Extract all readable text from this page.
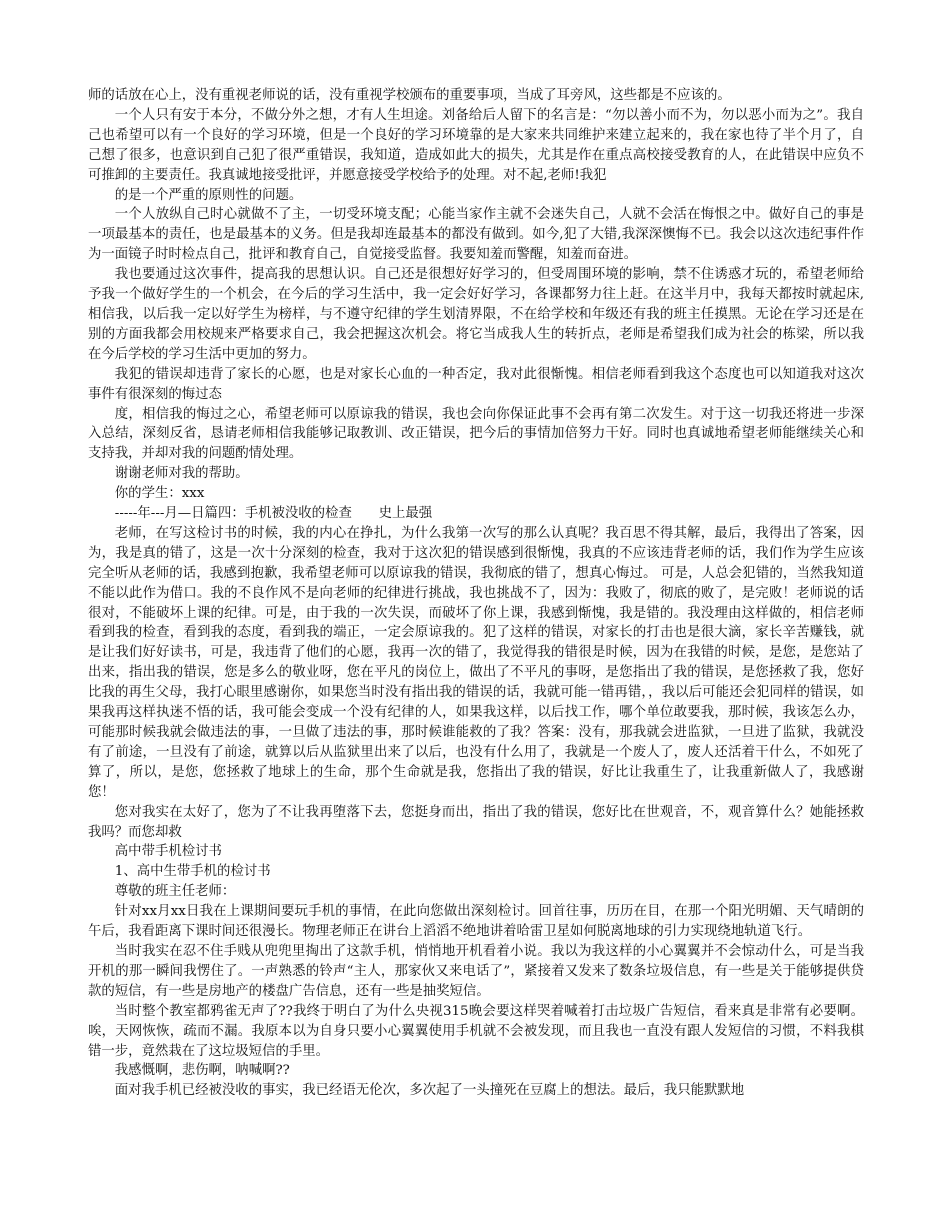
师的话放在心上，没有重视老师说的话，没有重视学校颁布的重要事项，当成了耳旁风，这些都是不应该的。

一个人只有安于本分，不做分外之想，才有人生坦途。刘备给后人留下的名言是：“勿以善小而不为，勿以恶小而为之”。我自己也希望可以有一个良好的学习环境，但是一个良好的学习环境靠的是大家来共同维护来建立起来的，我在家也待了半个月了，自己想了很多，也意识到自己犯了很严重错误，我知道，造成如此大的损失，尤其是作在重点高校接受教育的人，在此错误中应负不可推卸的主要责任。我真诚地接受批评，并愿意接受学校给予的处理。对不起,老师!我犯

的是一个严重的原则性的问题。

一个人放纵自己时心就做不了主，一切受环境支配；心能当家作主就不会迷失自己，人就不会活在悔恨之中。做好自己的事是一项最基本的责任，也是最基本的义务。但是我却连最基本的都没有做到。如今,犯了大错,我深深懊悔不已。我会以这次违纪事件作为一面镜子时时检点自己，批评和教育自己，自觉接受监督。我要知羞而警醒，知羞而奋进。

我也要通过这次事件，提高我的思想认识。自己还是很想好好学习的，但受周围环境的影响，禁不住诱惑才玩的，希望老师给予我一个做好学生的一个机会，在今后的学习生活中，我一定会好好学习，各课都努力往上赶。在这半月中，我每天都按时就起床,相信我，以后我一定以好学生为榜样，与不遵守纪律的学生划清界限，不在给学校和年级还有我的班主任摸黑。无论在学习还是在别的方面我都会用校规来严格要求自己，我会把握这次机会。将它当成我人生的转折点，老师是希望我们成为社会的栋梁，所以我在今后学校的学习生活中更加的努力。

我犯的错误却违背了家长的心愿，也是对家长心血的一种否定，我对此很惭愧。相信老师看到我这个态度也可以知道我对这次事件有很深刻的悔过态

度，相信我的悔过之心，希望老师可以原谅我的错误，我也会向你保证此事不会再有第二次发生。对于这一切我还将进一步深入总结，深刻反省，恳请老师相信我能够记取教训、改正错误，把今后的事情加倍努力干好。同时也真诚地希望老师能继续关心和支持我，并却对我的问题酌情处理。

谢谢老师对我的帮助。

你的学生：xxx

-----年---月—日篇四：手机被没收的检查　　史上最强

老师，在写这检讨书的时候，我的内心在挣扎，为什么我第一次写的那么认真呢？我百思不得其解，最后，我得出了答案，因为，我是真的错了，这是一次十分深刻的检查，我对于这次犯的错误感到很惭愧，我真的不应该违背老师的话，我们作为学生应该完全听从老师的话，我感到抱歉，我希望老师可以原谅我的错误，我彻底的错了，想真心悔过。 可是，人总会犯错的，当然我知道不能以此作为借口。我的不良作风不是向老师的纪律进行挑战，我也挑战不了，因为：我败了，彻底的败了，是完败！老师说的话很对，不能破坏上课的纪律。可是，由于我的一次失误，而破坏了你上课，我感到惭愧，我是错的。我没理由这样做的，相信老师看到我的检查，看到我的态度，看到我的端正，一定会原谅我的。犯了这样的错误，对家长的打击也是很大滴，家长辛苦赚钱，就是让我们好好读书，可是，我违背了他们的心愿，我再一次的错了，我觉得我的错很是时候，因为在我错的时候，是您，是您站了出来，指出我的错误，您是多么的敬业呀，您在平凡的岗位上，做出了不平凡的事呀，是您指出了我的错误，是您拯救了我，您好比我的再生父母，我打心眼里感谢你，如果您当时没有指出我的错误的话，我就可能一错再错，，我以后可能还会犯同样的错误，如果我再这样执迷不悟的话，我可能会变成一个没有纪律的人，如果我这样，以后找工作，哪个单位敢要我，那时候，我该怎么办，可能那时候我就会做违法的事，一旦做了违法的事，那时候谁能救的了我？答案：没有，那我就会进监狱，一旦进了监狱，我就没有了前途，一旦没有了前途，就算以后从监狱里出来了以后，也没有什么用了，我就是一个废人了，废人还活着干什么，不如死了算了，所以，是您，您拯救了地球上的生命，那个生命就是我，您指出了我的错误，好比让我重生了，让我重新做人了，我感谢您！

您对我实在太好了，您为了不让我再堕落下去，您挺身而出，指出了我的错误，您好比在世观音，不，观音算什么？她能拯救我吗？而您却救

高中带手机检讨书

1、高中生带手机的检讨书

尊敬的班主任老师：

针对xx月xx日我在上课期间要玩手机的事情，在此向您做出深刻检讨。回首往事，历历在目，在那一个阳光明媚、天气晴朗的午后，我看距离下课时间还很漫长。物理老师正在讲台上滔滔不绝地讲着哈雷卫星如何脱离地球的引力实现绕地轨道飞行。

当时我实在忍不住手贱从兜兜里掏出了这款手机，悄悄地开机看着小说。我以为我这样的小心翼翼并不会惊动什么，可是当我开机的那一瞬间我愣住了。一声熟悉的铃声“主人，那家伙又来电话了”，紧接着又发来了数条垃圾信息，有一些是关于能够提供贷款的短信，有一些是房地产的楼盘广告信息，还有一些是抽奖短信。

当时整个教室都鸦雀无声了??我终于明白了为什么央视315晚会要这样哭着喊着打击垃圾广告短信，看来真是非常有必要啊。唉，天网恢恢，疏而不漏。我原本以为自身只要小心翼翼使用手机就不会被发现，而且我也一直没有跟人发短信的习惯，不料我棋错一步，竟然栽在了这垃圾短信的手里。

我感慨啊，悲伤啊，呐喊啊??

面对我手机已经被没收的事实，我已经语无伦次，多次起了一头撞死在豆腐上的想法。最后，我只能默默地
